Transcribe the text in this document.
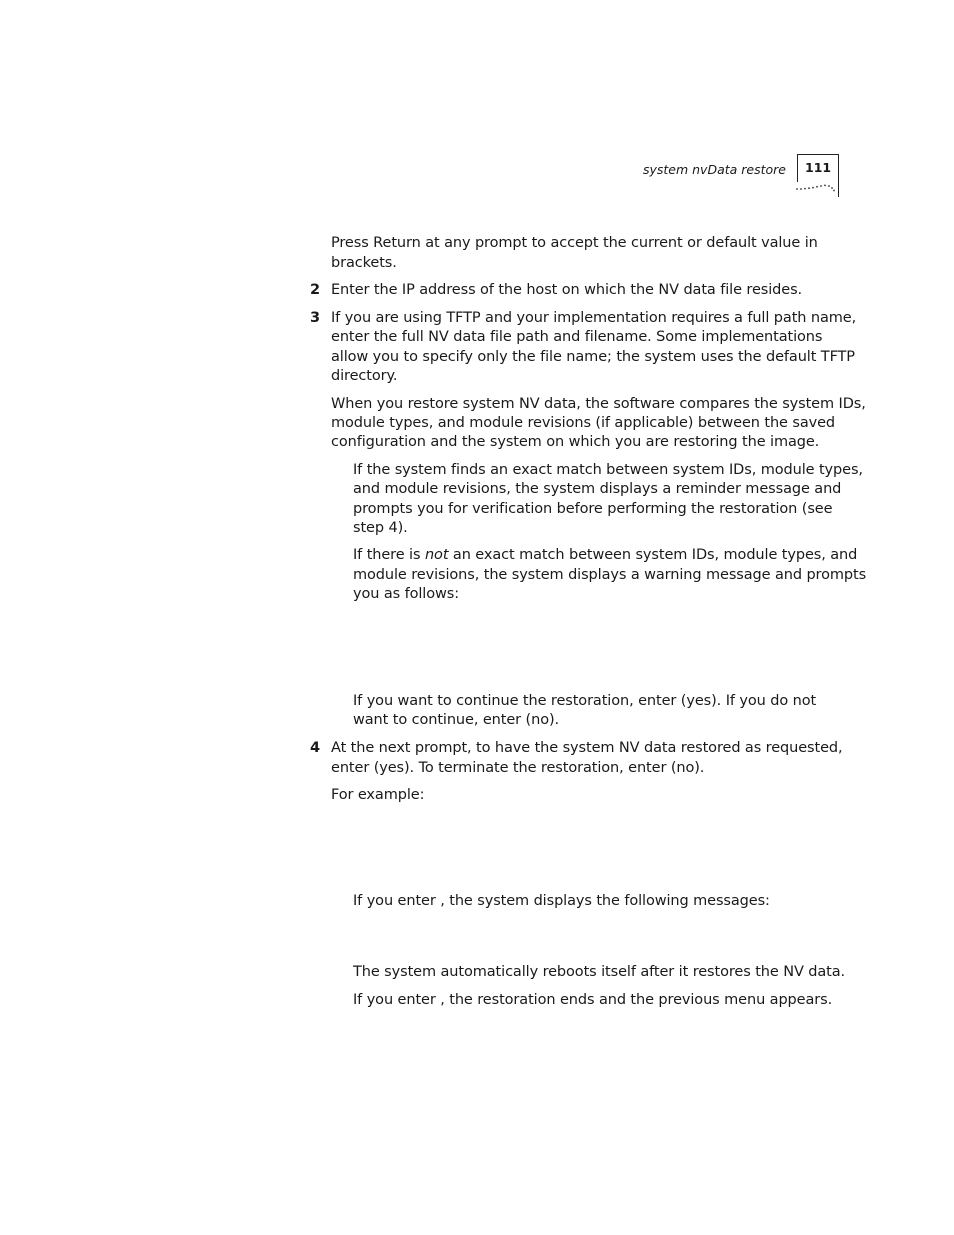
system nvData restore 111
Press Return at any prompt to accept the current or default value in
brackets.
2 Enter the IP address of the host on which the NV data file resides.
3 If you are using TFTP and your implementation requires a full path name,
enter the full NV data file path and filename. Some implementations
allow you to specify only the file name; the system uses the default TFTP
directory.
When you restore system NV data, the software compares the system IDs,
module types, and module revisions (if applicable) between the saved
configuration and the system on which you are restoring the image.
If the system finds an exact match between system IDs, module types,
and module revisions, the system displays a reminder message and
prompts you for verification before performing the restoration (see
step 4).
If there is not an exact match between system IDs, module types, and
module revisions, the system displays a warning message and prompts
you as follows:
If you want to continue the restoration, enter (yes). If you do not
want to continue, enter (no).
4 At the next prompt, to have the system NV data restored as requested,
enter (yes). To terminate the restoration, enter (no).
For example:
If you enter , the system displays the following messages:
The system automatically reboots itself after it restores the NV data.
If you enter , the restoration ends and the previous menu appears.
